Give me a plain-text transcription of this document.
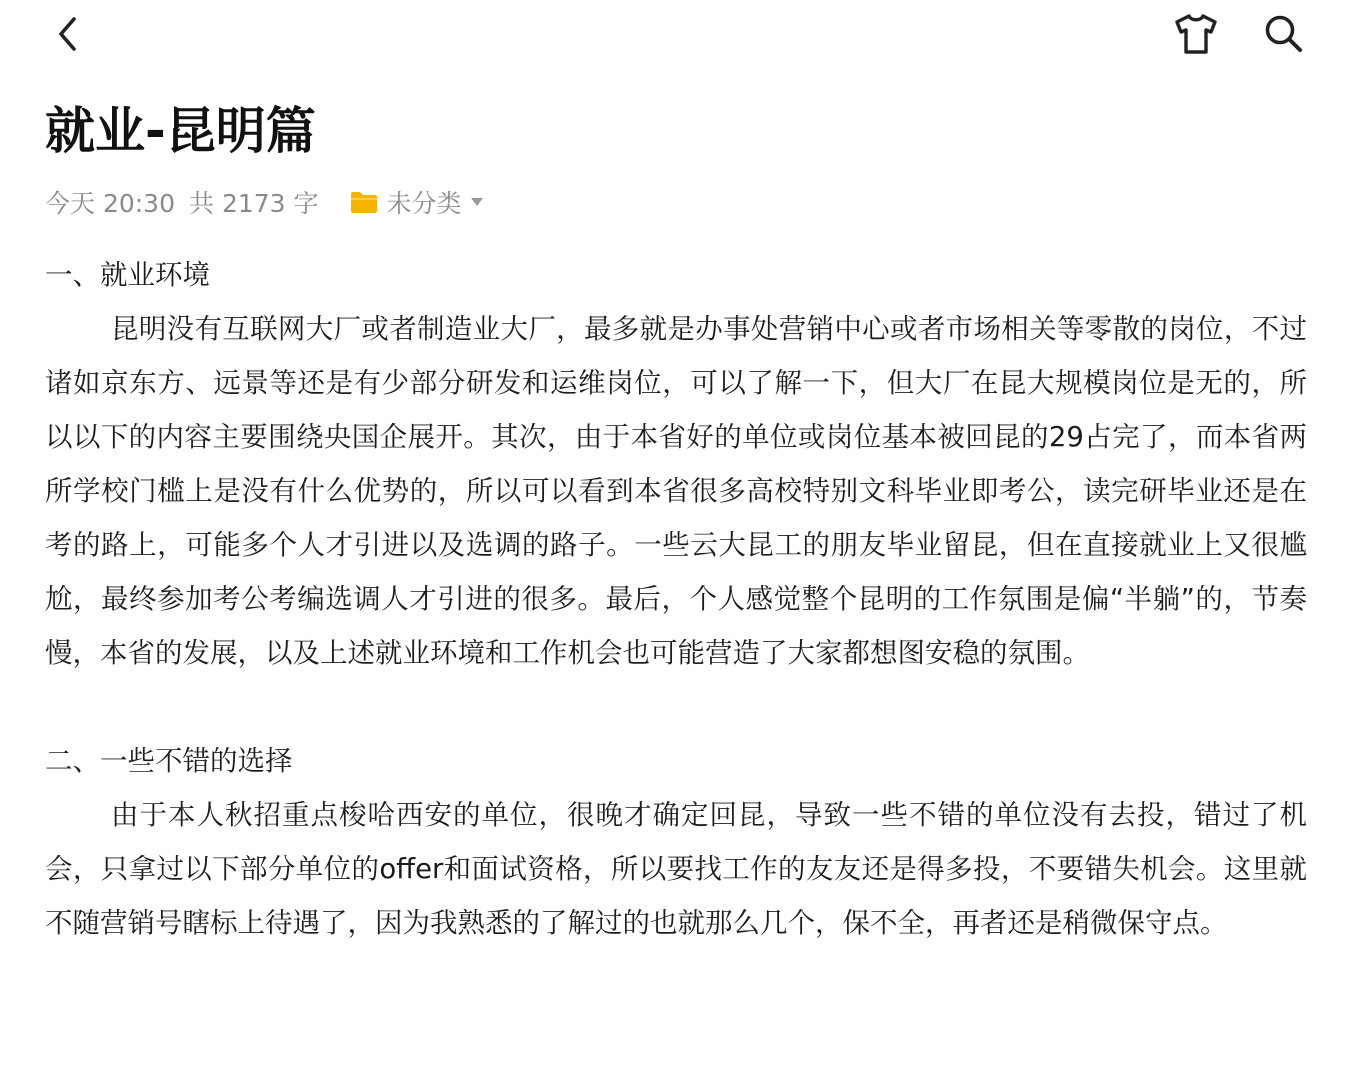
就业-昆明篇
今天 20:30 共 2173 字	未分类

一、就业环境

昆明没有互联网大厂或者制造业大厂，最多就是办事处营销中心或者市场相关等零散的岗位，不过诸如京东方、远景等还是有少部分研发和运维岗位，可以了解一下，但大厂在昆大规模岗位是无的，所以以下的内容主要围绕央国企展开。其次，由于本省好的单位或岗位基本被回昆的29占完了，而本省两所学校门槛上是没有什么优势的，所以可以看到本省很多高校特别文科毕业即考公，读完研毕业还是在考的路上，可能多个人才引进以及选调的路子。一些云大昆工的朋友毕业留昆，但在直接就业上又很尴尬，最终参加考公考编选调人才引进的很多。最后，个人感觉整个昆明的工作氛围是偏“半躺”的，节奏慢，本省的发展，以及上述就业环境和工作机会也可能营造了大家都想图安稳的氛围。

二、一些不错的选择

由于本人秋招重点梭哈西安的单位，很晚才确定回昆，导致一些不错的单位没有去投，错过了机会，只拿过以下部分单位的offer和面试资格，所以要找工作的友友还是得多投，不要错失机会。这里就不随营销号瞎标上待遇了，因为我熟悉的了解过的也就那么几个，保不全，再者还是稍微保守点。
